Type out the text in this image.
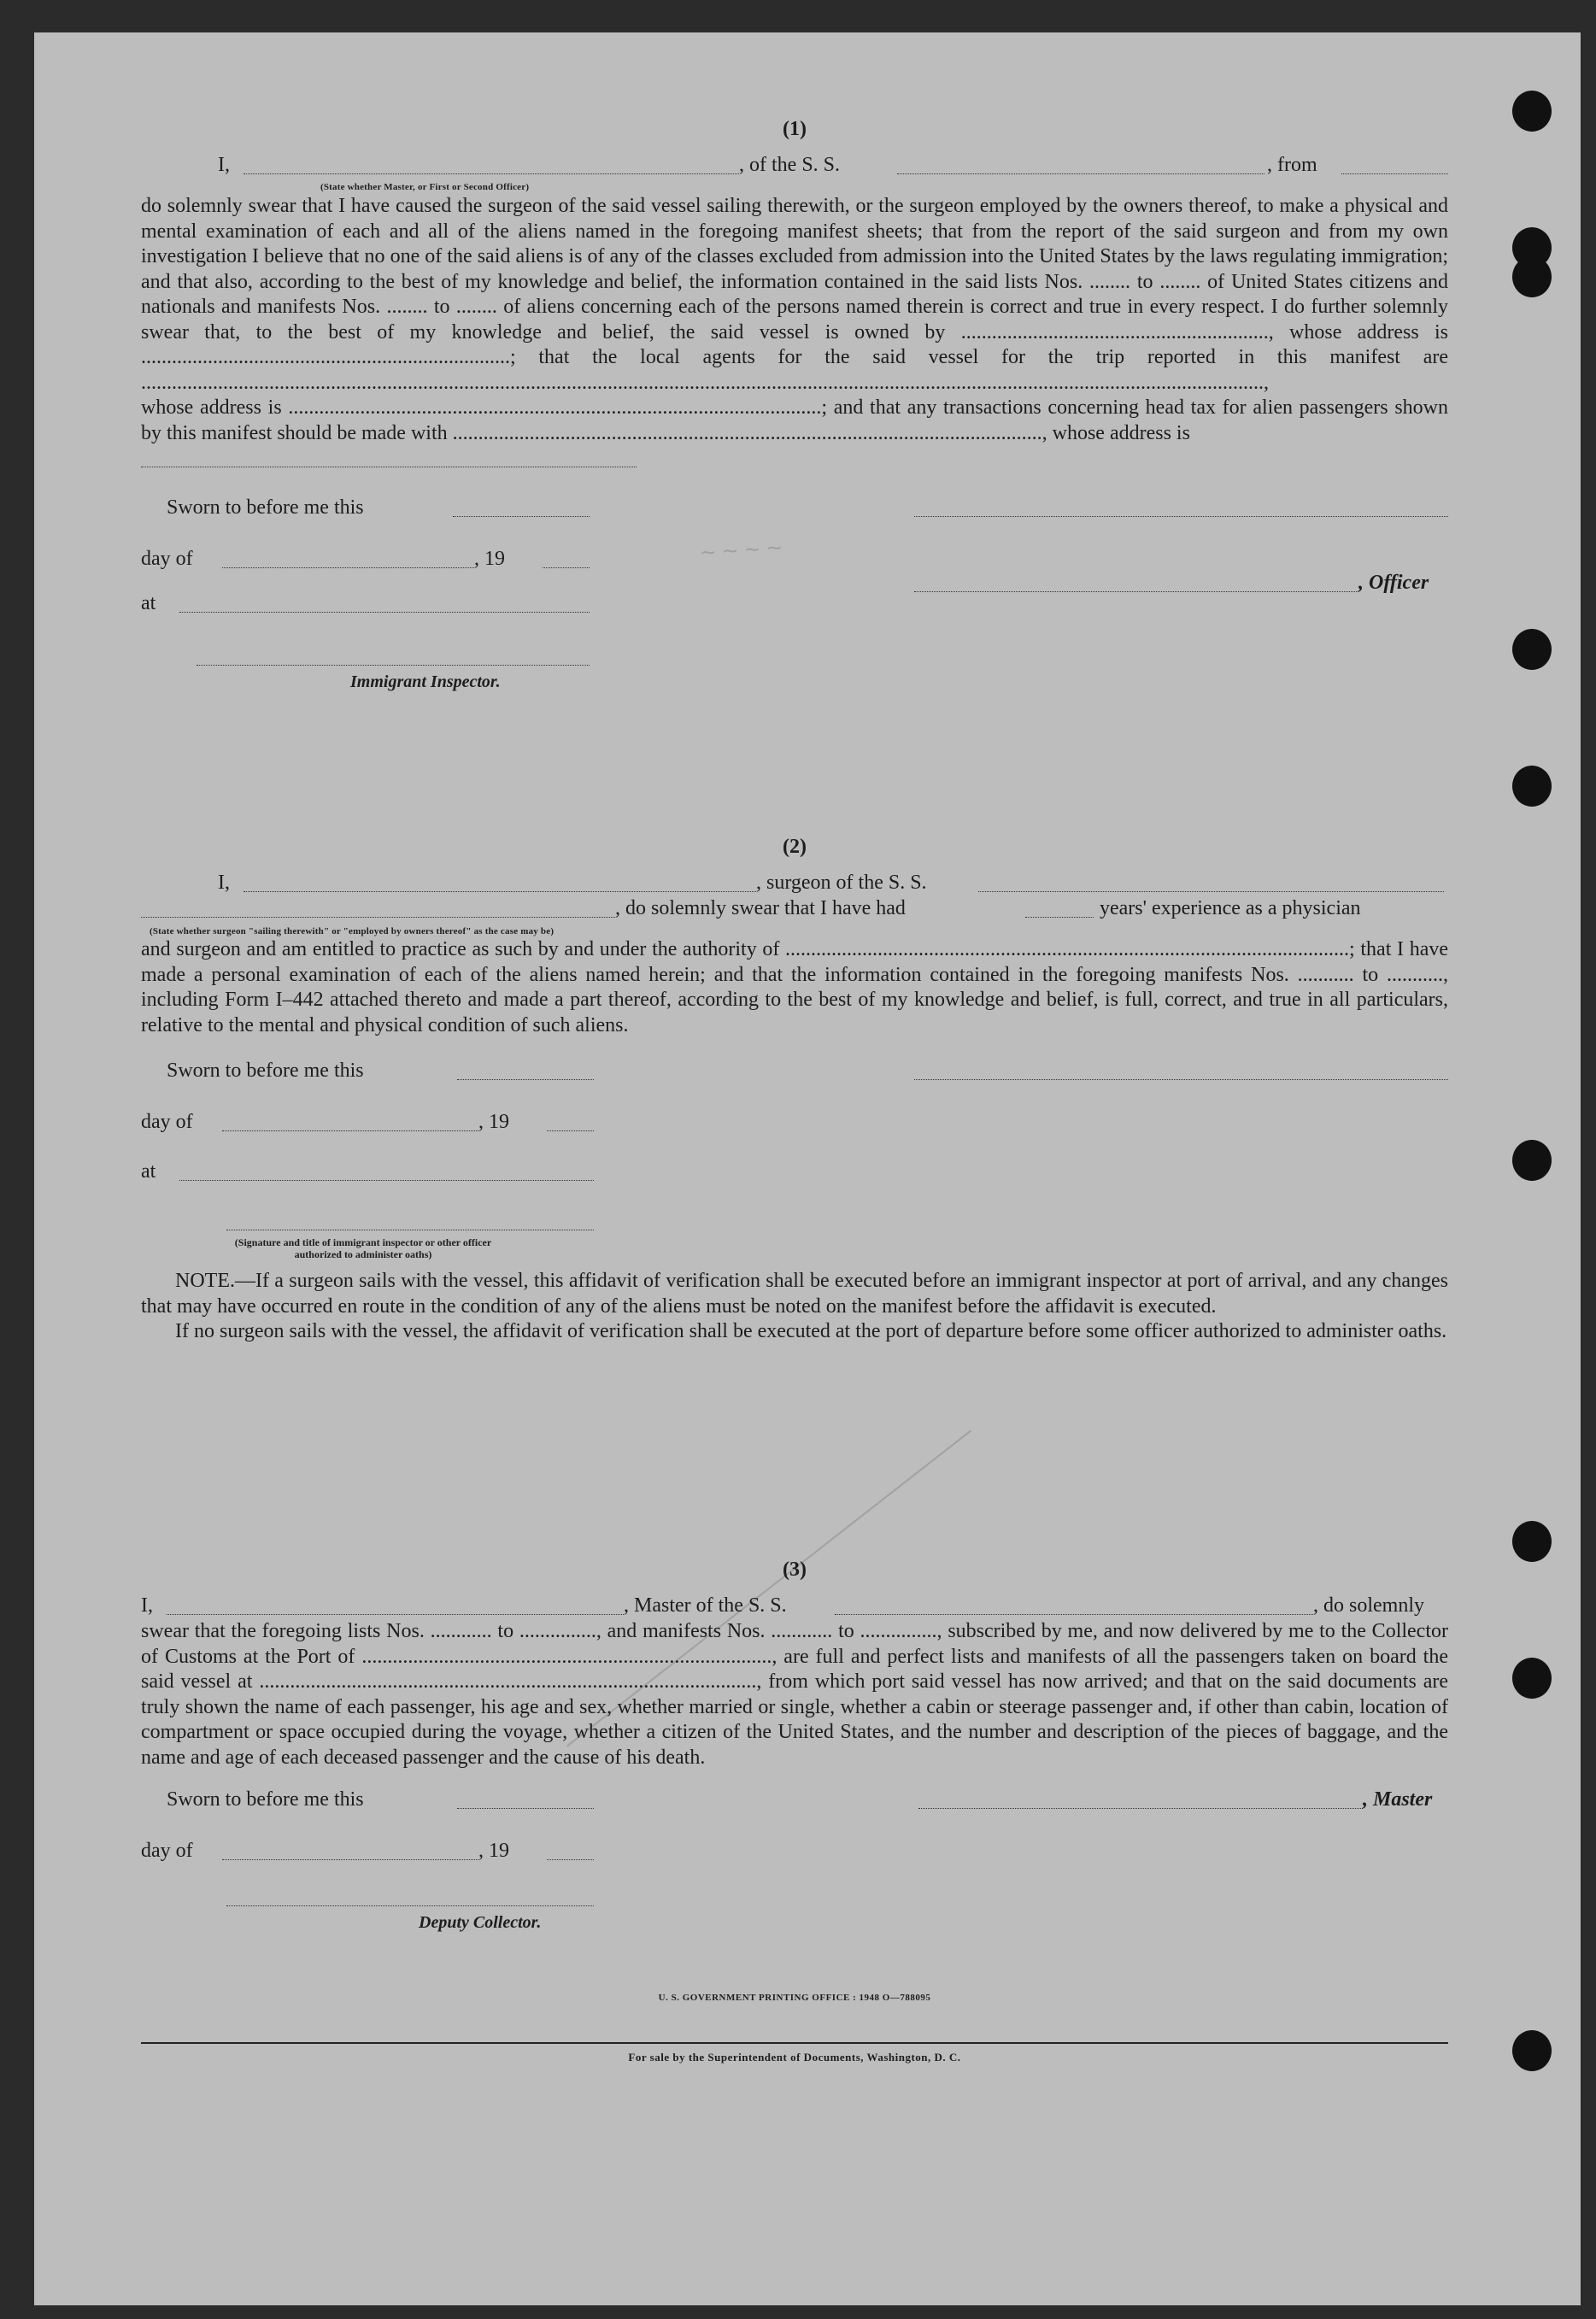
~ ~ ~ ~
(1)
I,	, of the S. S.	, from
(State whether Master, or First or Second Officer)

do solemnly swear that I have caused the surgeon of the said vessel sailing therewith, or the surgeon employed by the owners thereof, to make a physical and mental examination of each and all of the aliens named in the foregoing manifest sheets; that from the report of the said surgeon and from my own investigation I believe that no one of the said aliens is of any of the classes excluded from admission into the United States by the laws regulating immigration; and that also, according to the best of my knowledge and belief, the information contained in the said lists Nos. ........ to ........ of United States citizens and nationals and manifests Nos. ........ to ........ of aliens concerning each of the persons named therein is correct and true in every respect. I do further solemnly swear that, to the best of my knowledge and belief, the said vessel is owned by ............................................................, whose address is ........................................................................; that the local agents for the said vessel for the trip reported in this manifest are ...........................................................................................................................................................................................................................,

whose address is ........................................................................................................; and that any transactions concerning head tax for alien passengers shown by this manifest should be made with ..................................................................................................................., whose address is

Sworn to before me this
day of	, 19
at
, Officer
Immigrant Inspector.
(2)
I,	, surgeon of the S. S.
, do solemnly swear that I have had	years' experience as a physician
(State whether surgeon "sailing therewith" or "employed by owners thereof" as the case may be)

and surgeon and am entitled to practice as such by and under the authority of ..............................................................................................................; that I have made a personal examination of each of the aliens named herein; and that the information contained in the foregoing manifests Nos. ........... to ..........., including Form I–442 attached thereto and made a part thereof, according to the best of my knowledge and belief, is full, correct, and true in all particulars, relative to the mental and physical condition of such aliens.

Sworn to before me this
day of	, 19
at
(Signature and title of immigrant inspector or other officer authorized to administer oaths)

NOTE.—If a surgeon sails with the vessel, this affidavit of verification shall be executed before an immigrant inspector at port of arrival, and any changes that may have occurred en route in the condition of any of the aliens must be noted on the manifest before the affidavit is executed.

If no surgeon sails with the vessel, the affidavit of verification shall be executed at the port of departure before some officer authorized to administer oaths.

(3)
I,	, Master of the S. S.	, do solemnly

swear that the foregoing lists Nos. ............ to ..............., and manifests Nos. ............ to ..............., subscribed by me, and now delivered by me to the Collector of Customs at the Port of ................................................................................, are full and perfect lists and manifests of all the passengers taken on board the said vessel at ................................................................................................., from which port said vessel has now arrived; and that on the said documents are truly shown the name of each passenger, his age and sex, whether married or single, whether a cabin or steerage passenger and, if other than cabin, location of compartment or space occupied during the voyage, whether a citizen of the United States, and the number and description of the pieces of baggage, and the name and age of each deceased passenger and the cause of his death.

Sworn to before me this	, Master
day of	, 19
Deputy Collector.
U. S. GOVERNMENT PRINTING OFFICE : 1948 O—788095
For sale by the Superintendent of Documents, Washington, D. C.
